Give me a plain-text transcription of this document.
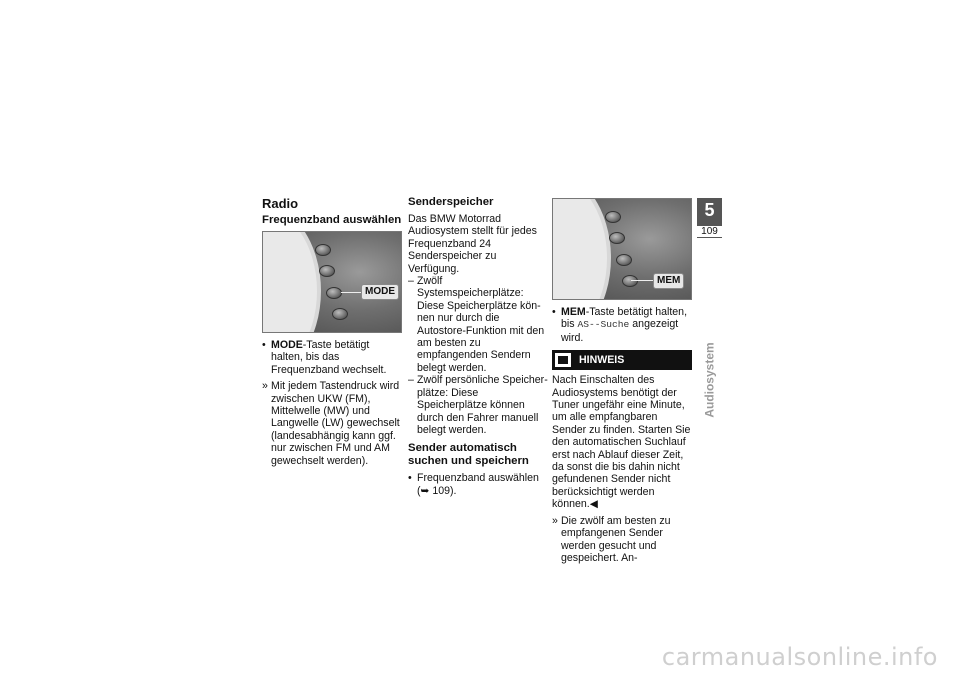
Radio
Frequenzband auswählen
MODE

• MODE-Taste betätigt halten, bis das Frequenzband wechselt.

» Mit jedem Tastendruck wird zwischen UKW (FM), Mittelwelle (MW) und Langwelle (LW) gewechselt (landesabhängig kann ggf. nur zwischen FM und AM gewechselt werden).

Senderspeicher

Das BMW Motorrad Audiosystem stellt für jedes Frequenzband 24 Senderspeicher zu Verfügung.

– Zwölf Systemspeicherplätze: Diese Speicherplätze können nur durch die Autostore-Funktion mit den am besten zu empfangenden Sendern belegt werden.

– Zwölf persönliche Speicherplätze: Diese Speicherplätze können durch den Fahrer manuell belegt werden.

Sender automatisch suchen und speichern

• Frequenzband auswählen (➥ 109).

MEM

• MEM-Taste betätigt halten, bis AS--Suche angezeigt wird.

HINWEIS

Nach Einschalten des Audiosystems benötigt der Tuner ungefähr eine Minute, um alle empfangbaren Sender zu finden. Starten Sie den automatischen Suchlauf erst nach Ablauf dieser Zeit, da sonst die bis dahin nicht gefundenen Sender nicht berücksichtigt werden können.◀

» Die zwölf am besten zu empfangenen Sender werden gesucht und gespeichert. An-

5
109
Audiosystem
carmanualsonline.info
